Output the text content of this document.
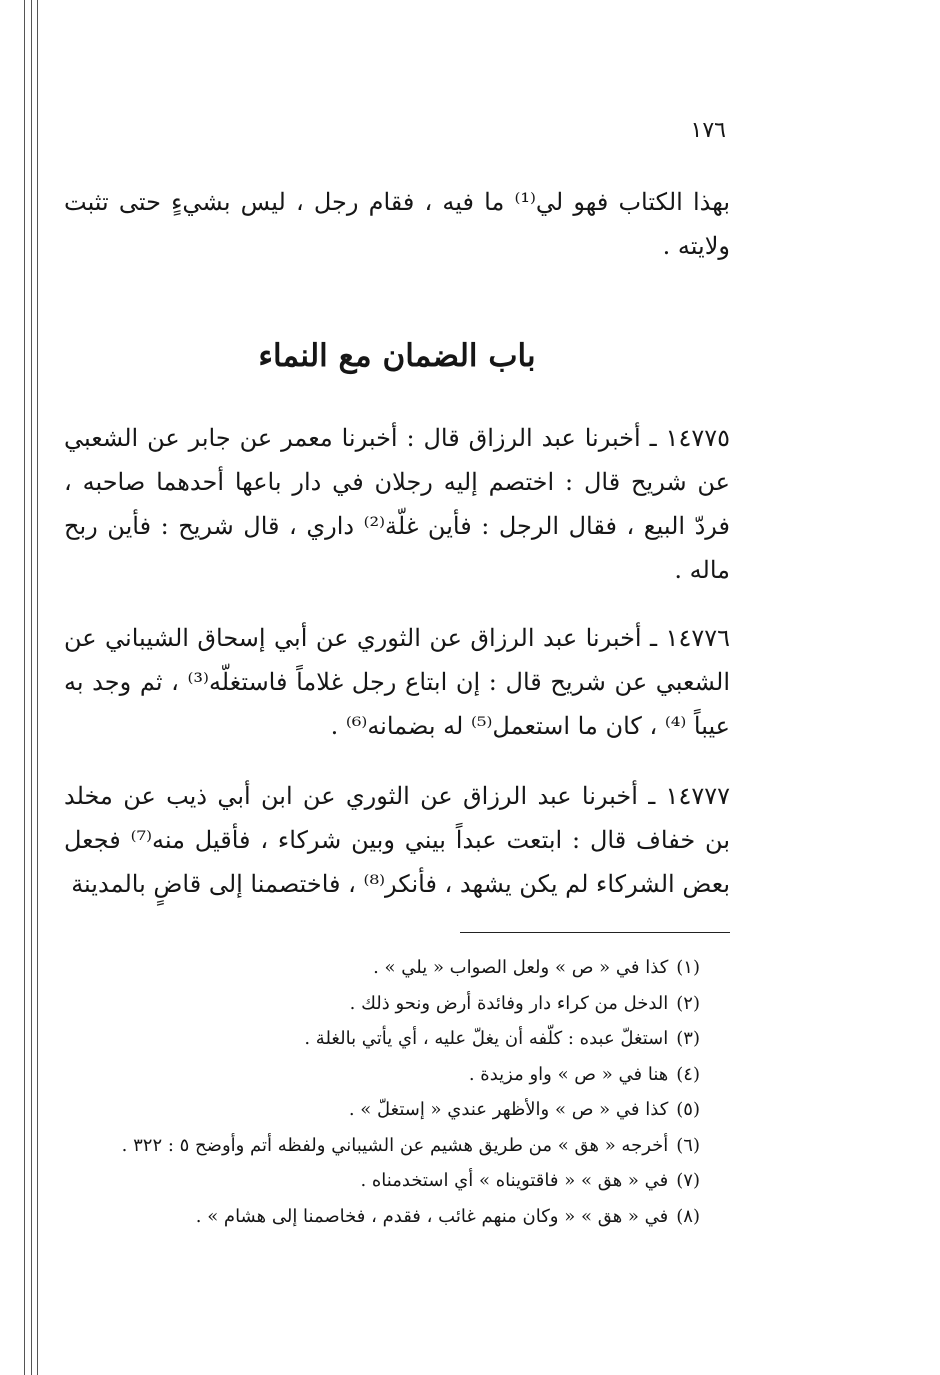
١٧٦
بهذا الكتاب فهو لي⁽¹⁾ ما فيه ، فقام رجل ، ليس بشيءٍ حتى تثبت ولايته .
باب الضمان مع النماء
١٤٧٧٥ ـ أخبرنا عبد الرزاق قال : أخبرنا معمر عن جابر عن الشعبي عن شريح قال : اختصم إليه رجلان في دار باعها أحدهما صاحبه ، فردّ البيع ، فقال الرجل : فأين غلّة⁽²⁾ داري ، قال شريح : فأين ربح ماله .
١٤٧٧٦ ـ أخبرنا عبد الرزاق عن الثوري عن أبي إسحاق الشيباني عن الشعبي عن شريح قال : إن ابتاع رجل غلاماً فاستغلّه⁽³⁾ ، ثم وجد به عيباً ⁽⁴⁾ ، كان ما استعمل⁽⁵⁾ له بضمانه⁽⁶⁾ .
١٤٧٧٧ ـ أخبرنا عبد الرزاق عن الثوري عن ابن أبي ذيب عن مخلد بن خفاف قال : ابتعت عبداً بيني وبين شركاء ، فأقيل منه⁽⁷⁾ فجعل بعض الشركاء لم يكن يشهد ، فأنكر⁽⁸⁾ ، فاختصمنا إلى قاضٍ بالمدينة
(١)كذا في « ص » ولعل الصواب « يلي » .
(٢)الدخل من كراء دار وفائدة أرض ونحو ذلك .
(٣)استغلّ عبده : كلّفه أن يغلّ عليه ، أي يأتي بالغلة .
(٤)هنا في « ص » واو مزيدة .
(٥)كذا في « ص » والأظهر عندي « إستغلّ » .
(٦)أخرجه « هق » من طريق هشيم عن الشيباني ولفظه أتم وأوضح ٥ : ٣٢٢ .
(٧)في « هق » « فاقتويناه » أي استخدمناه .
(٨)في « هق » « وكان منهم غائب ، فقدم ، فخاصمنا إلى هشام » .
